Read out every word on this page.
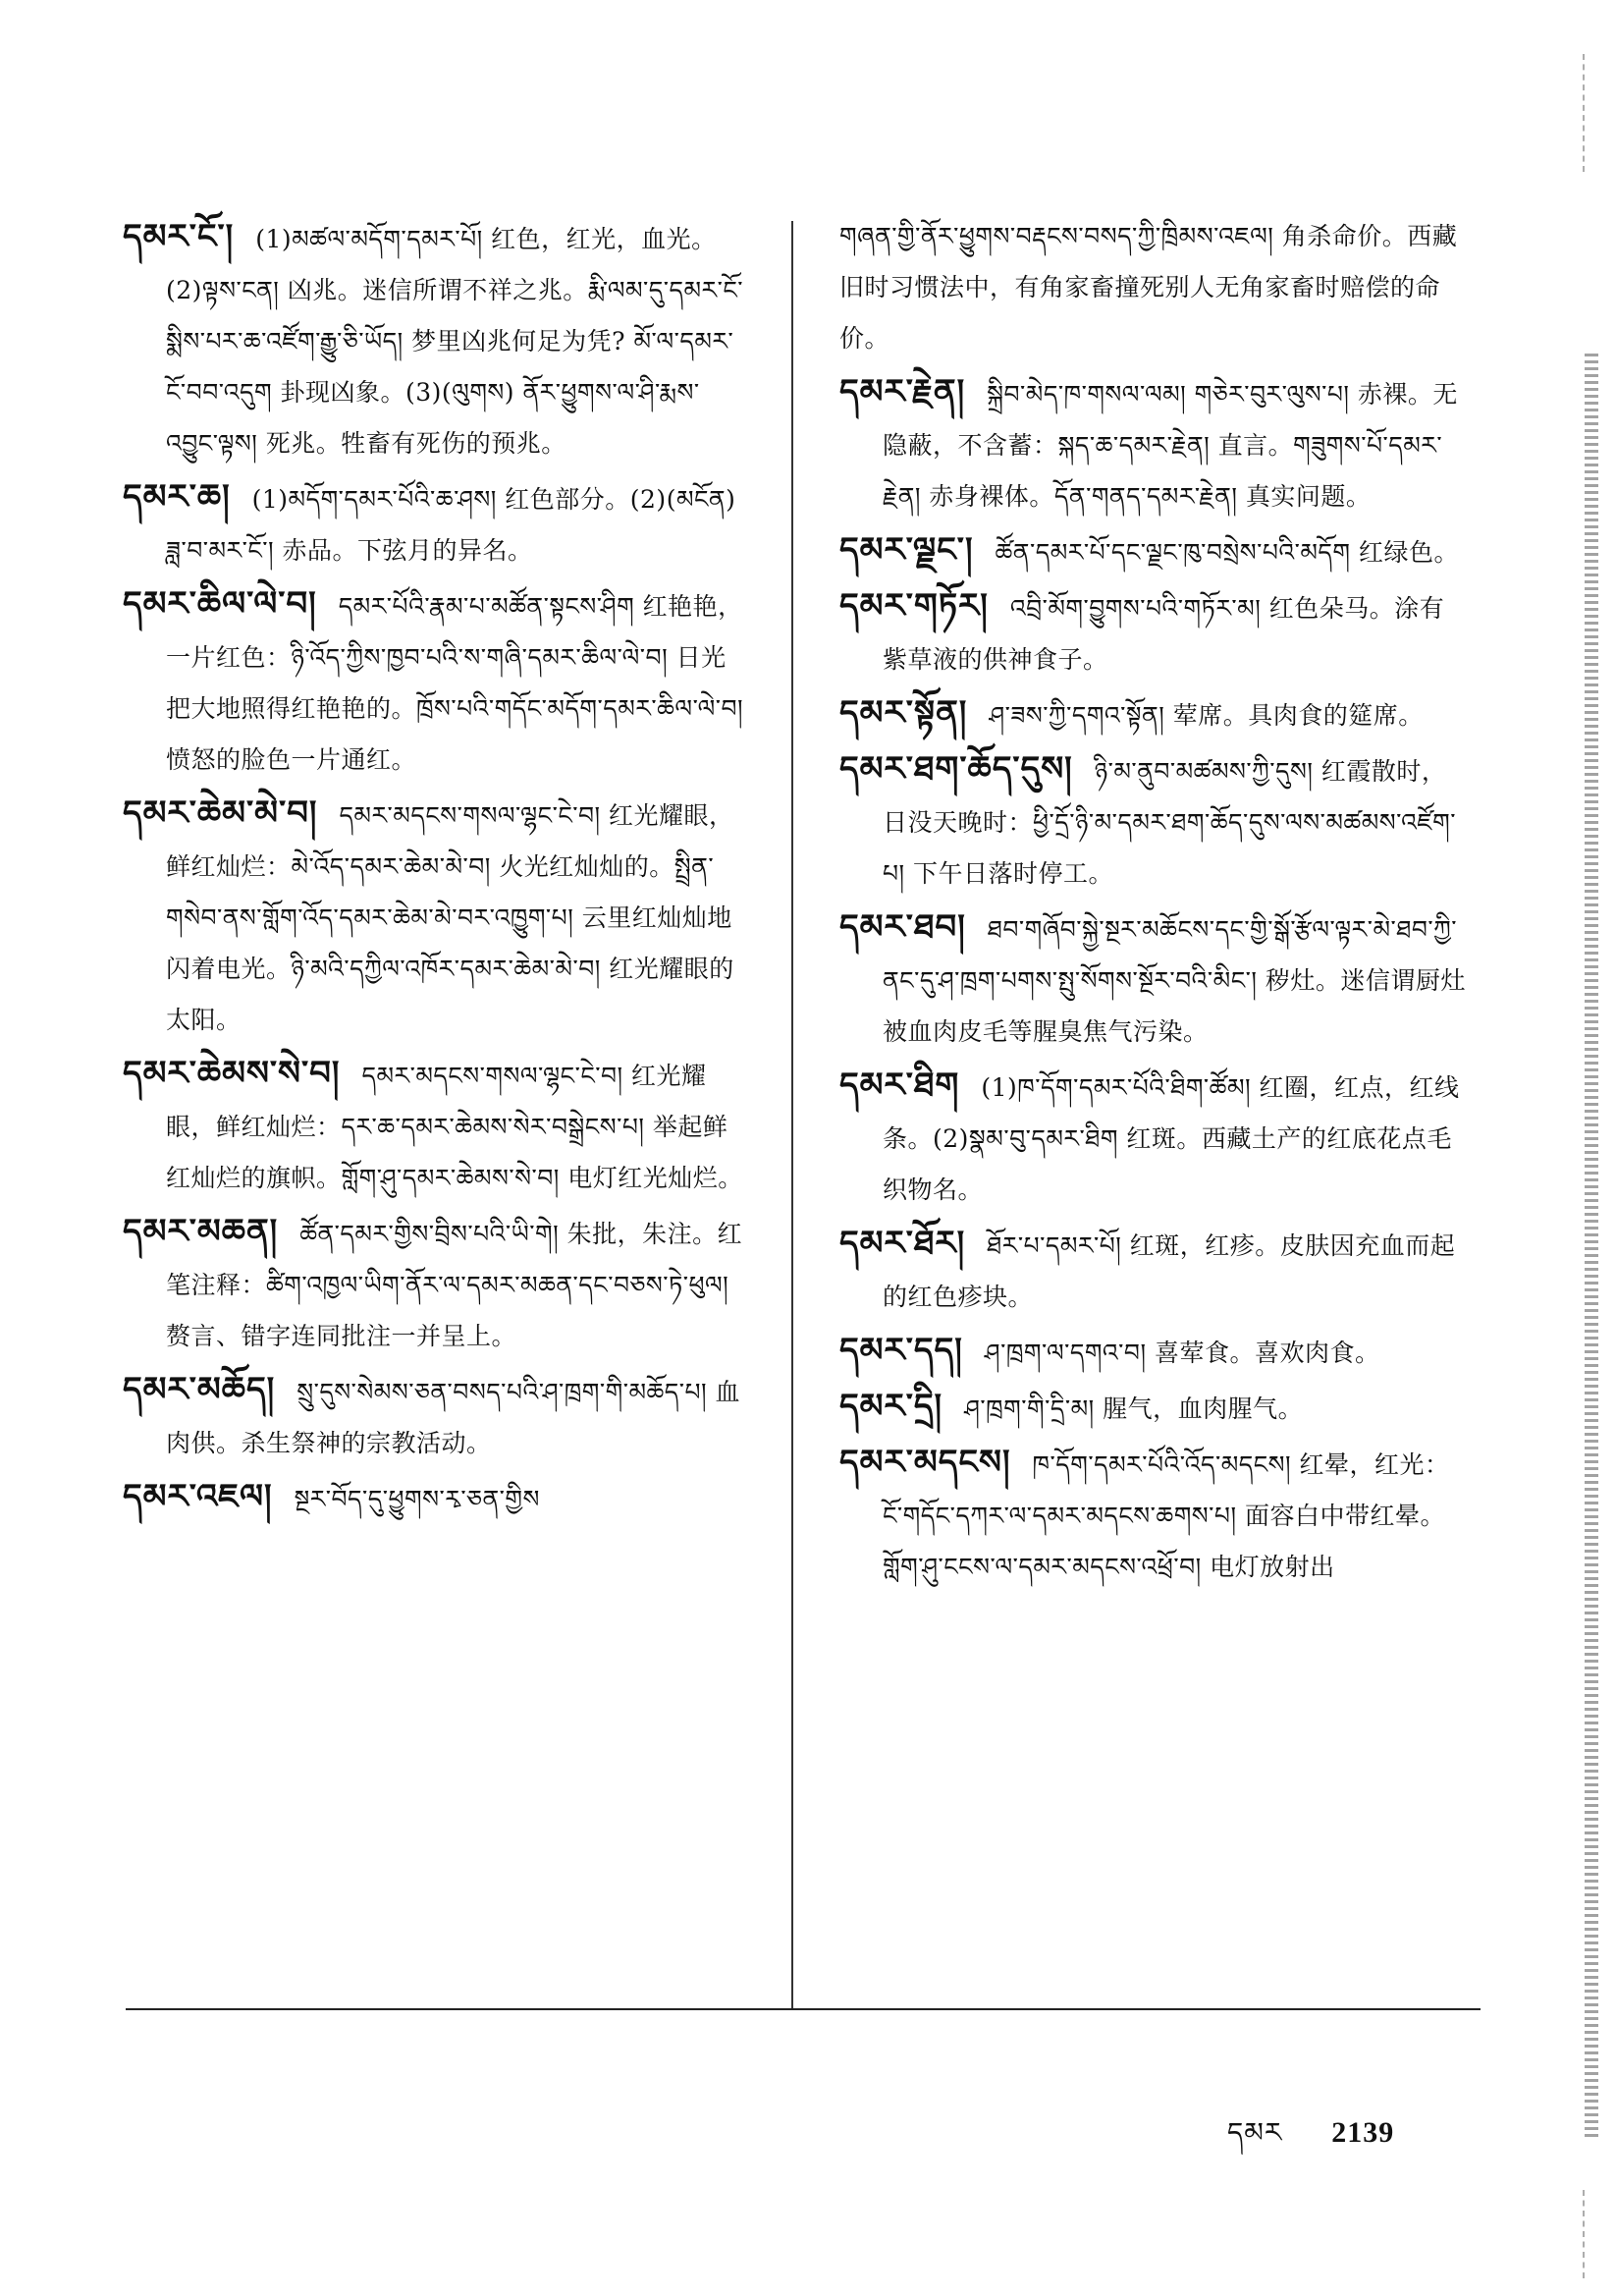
དམར་ངོ་། (1)མཚལ་མདོག་དམར་པོ། 红色，红光，血光。(2)ལྟས་ངན། 凶兆。迷信所谓不祥之兆。རྨི་ལམ་དུ་དམར་ངོ་སྨིས་པར་ཆ་འཛོག་རྒྱུ་ཅི་ཡོད། 梦里凶兆何足为凭? མོ་ལ་དམར་ངོ་བབ་འདུག 卦现凶象。(3)(ལུགས) ནོར་ཕྱུགས་ལ་ཤི་རྨས་འབྱུང་ལྟས། 死兆。牲畜有死伤的预兆。

དམར་ཆ། (1)མདོག་དམར་པོའི་ཆ་ཤས། 红色部分。(2)(མངོན) ཟླ་བ་མར་ངོ་། 赤品。下弦月的异名。

དམར་ཆིལ་ལེ་བ། དམར་པོའི་རྣམ་པ་མཚོན་སྟངས་ཤིག 红艳艳，一片红色：ཉི་འོད་ཀྱིས་ཁྱབ་པའི་ས་གཞི་དམར་ཆིལ་ལེ་བ། 日光把大地照得红艳艳的。ཁྲོས་པའི་གདོང་མདོག་དམར་ཆིལ་ལེ་བ། 愤怒的脸色一片通红。

དམར་ཆེམ་མེ་བ། དམར་མདངས་གསལ་ལྷང་ངེ་བ། 红光耀眼，鲜红灿烂：མེ་འོད་དམར་ཆེམ་མེ་བ། 火光红灿灿的。སྤྲིན་གསེབ་ནས་གློག་འོད་དམར་ཆེམ་མེ་བར་འཁྱུག་པ། 云里红灿灿地闪着电光。ཉི་མའི་དཀྱིལ་འཁོར་དམར་ཆེམ་མེ་བ། 红光耀眼的太阳。

དམར་ཆེམས་སེ་བ། དམར་མདངས་གསལ་ལྷང་ངེ་བ། 红光耀眼，鲜红灿烂：དར་ཆ་དམར་ཆེམས་སེར་བསྒྲེངས་པ། 举起鲜红灿烂的旗帜。གློག་ཤུ་དམར་ཆེམས་སེ་བ། 电灯红光灿烂。

དམར་མཆན། ཚོན་དམར་གྱིས་བྲིས་པའི་ཡི་གེ། 朱批，朱注。红笔注释：ཚིག་འཁྱལ་ཡིག་ནོར་ལ་དམར་མཆན་དང་བཅས་ཏེ་ཕུལ། 赘言、错字连同批注一并呈上。

དམར་མཆོད། སྲུ་དུས་སེམས་ཅན་བསད་པའི་ཤ་ཁྲག་གི་མཆོད་པ། 血肉供。杀生祭神的宗教活动。

དམར་འཇལ། སྔར་བོད་དུ་ཕྱུགས་རྭ་ཅན་གྱིས

གཞན་གྱི་ནོར་ཕྱུགས་བརྡངས་བསད་ཀྱི་ཁྲིམས་འཇལ། 角杀命价。西藏旧时习惯法中，有角家畜撞死别人无角家畜时赔偿的命价。

དམར་རྗེན། སྐྲིབ་མེད་ཁ་གསལ་ལམ། གཅེར་བུར་ལུས་པ། 赤裸。无隐蔽，不含蓄：སྐད་ཆ་དམར་རྗེན། 直言。གཟུགས་པོ་དམར་རྗེན། 赤身裸体。དོན་གནད་དམར་རྗེན། 真实问题。

དམར་ལྗང་། ཚོན་དམར་པོ་དང་ལྗང་ཁུ་བསྲེས་པའི་མདོག 红绿色。

དམར་གཏོར། འབྲི་མོག་བྱུགས་པའི་གཏོར་མ། 红色朵马。涂有紫草液的供神食子。

དམར་སྟོན། ཤ་ཟས་ཀྱི་དགའ་སྟོན། 荤席。具肉食的筵席。

དམར་ཐག་ཆོད་དུས། ཉི་མ་ནུབ་མཚམས་ཀྱི་དུས། 红霞散时，日没天晚时：ཕྱི་དྲོ་ཉི་མ་དམར་ཐག་ཆོད་དུས་ལས་མཚམས་འཛོག་པ། 下午日落时停工。

དམར་ཐབ། ཐབ་གཞོབ་སྐྱེ་སྔར་མཆོངས་དང་གྱི་སྒོ་རྩོལ་ལྟར་མེ་ཐབ་ཀྱི་ནང་དུ་ཤ་ཁྲག་པགས་སྤུ་སོགས་སྔོར་བའི་མིང་། 秽灶。迷信谓厨灶被血肉皮毛等腥臭焦气污染。

དམར་ཐིག (1)ཁ་དོག་དམར་པོའི་ཐིག་ཚོམ། 红圈，红点，红线条。(2)སྣམ་བུ་དམར་ཐིག 红斑。西藏土产的红底花点毛织物名。

དམར་ཐོར། ཐོར་པ་དམར་པོ། 红斑，红疹。皮肤因充血而起的红色疹块。

དམར་དད། ཤ་ཁྲག་ལ་དགའ་བ། 喜荤食。喜欢肉食。

དམར་དྲི། ཤ་ཁྲག་གི་དྲི་མ། 腥气，血肉腥气。

དམར་མདངས། ཁ་དོག་དམར་པོའི་འོད་མདངས། 红晕，红光：ངོ་གདོང་དཀར་ལ་དམར་མདངས་ཆགས་པ། 面容白中带红晕。གློག་ཤུ་ངངས་ལ་དམར་མདངས་འཕྲོ་བ། 电灯放射出

དམར 2139
